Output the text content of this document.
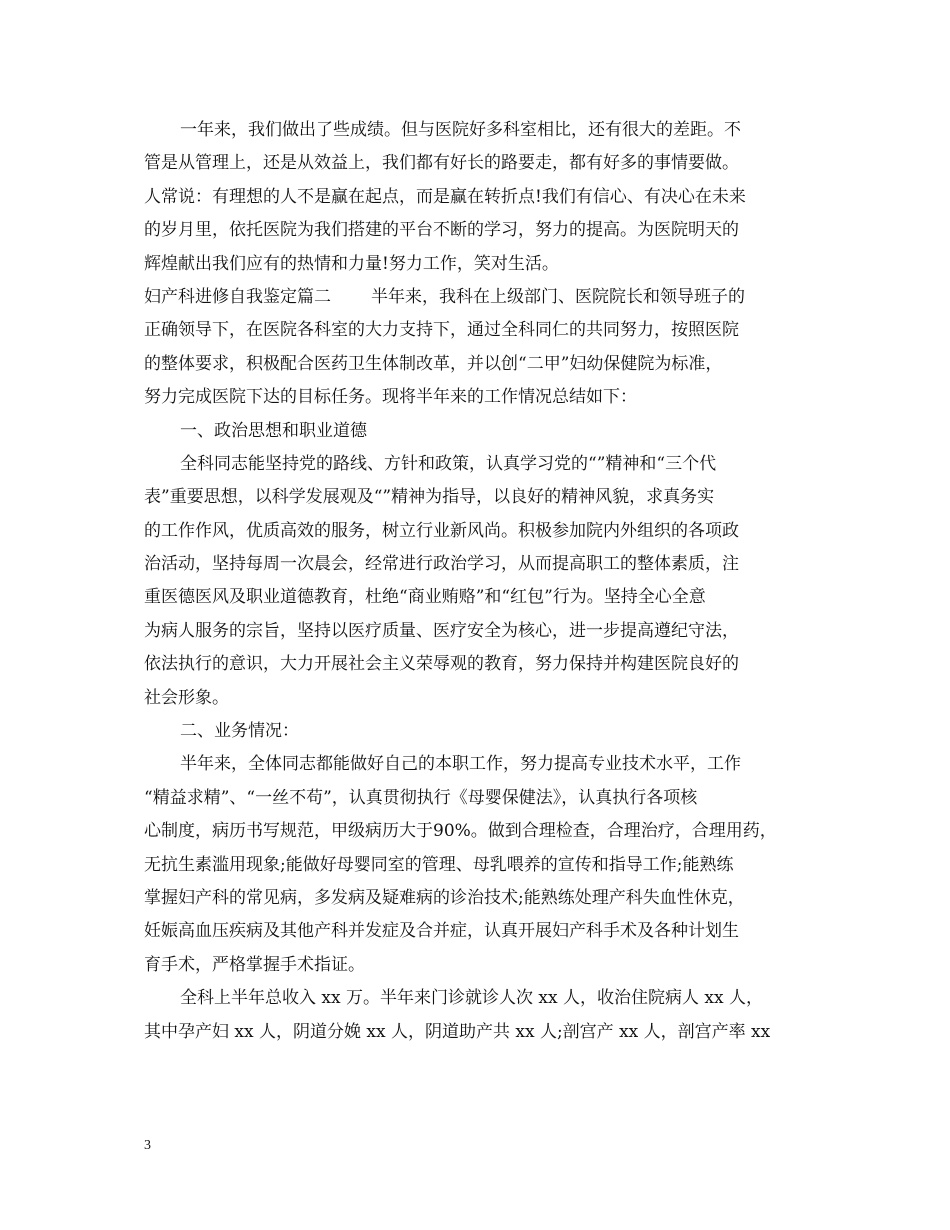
一年来，我们做出了些成绩。但与医院好多科室相比，还有很大的差距。不
管是从管理上，还是从效益上，我们都有好长的路要走，都有好多的事情要做。
人常说：有理想的人不是赢在起点，而是赢在转折点!我们有信心、有决心在未来
的岁月里，依托医院为我们搭建的平台不断的学习，努力的提高。为医院明天的
辉煌献出我们应有的热情和力量!努力工作，笑对生活。
妇产科进修自我鉴定篇二 半年来，我科在上级部门、医院院长和领导班子的
正确领导下，在医院各科室的大力支持下，通过全科同仁的共同努力，按照医院
的整体要求，积极配合医药卫生体制改革，并以创“二甲”妇幼保健院为标准，
努力完成医院下达的目标任务。现将半年来的工作情况总结如下：
一、政治思想和职业道德
全科同志能坚持党的路线、方针和政策，认真学习党的“”精神和“三个代
表”重要思想，以科学发展观及“”精神为指导，以良好的精神风貌，求真务实
的工作作风，优质高效的服务，树立行业新风尚。积极参加院内外组织的各项政
治活动，坚持每周一次晨会，经常进行政治学习，从而提高职工的整体素质，注
重医德医风及职业道德教育，杜绝“商业贿赂”和“红包”行为。坚持全心全意
为病人服务的宗旨，坚持以医疗质量、医疗安全为核心，进一步提高遵纪守法，
依法执行的意识，大力开展社会主义荣辱观的教育，努力保持并构建医院良好的
社会形象。
二、业务情况：
半年来，全体同志都能做好自己的本职工作，努力提高专业技术水平，工作
“精益求精”、“一丝不苟”，认真贯彻执行《母婴保健法》，认真执行各项核
心制度，病历书写规范，甲级病历大于90%。做到合理检查，合理治疗，合理用药，
无抗生素滥用现象;能做好母婴同室的管理、母乳喂养的宣传和指导工作;能熟练
掌握妇产科的常见病，多发病及疑难病的诊治技术;能熟练处理产科失血性休克，
妊娠高血压疾病及其他产科并发症及合并症，认真开展妇产科手术及各种计划生
育手术，严格掌握手术指证。
全科上半年总收入 xx 万。半年来门诊就诊人次 xx 人，收治住院病人 xx 人，
其中孕产妇 xx 人，阴道分娩 xx 人，阴道助产共 xx 人;剖宫产 xx 人，剖宫产率 xx
3
